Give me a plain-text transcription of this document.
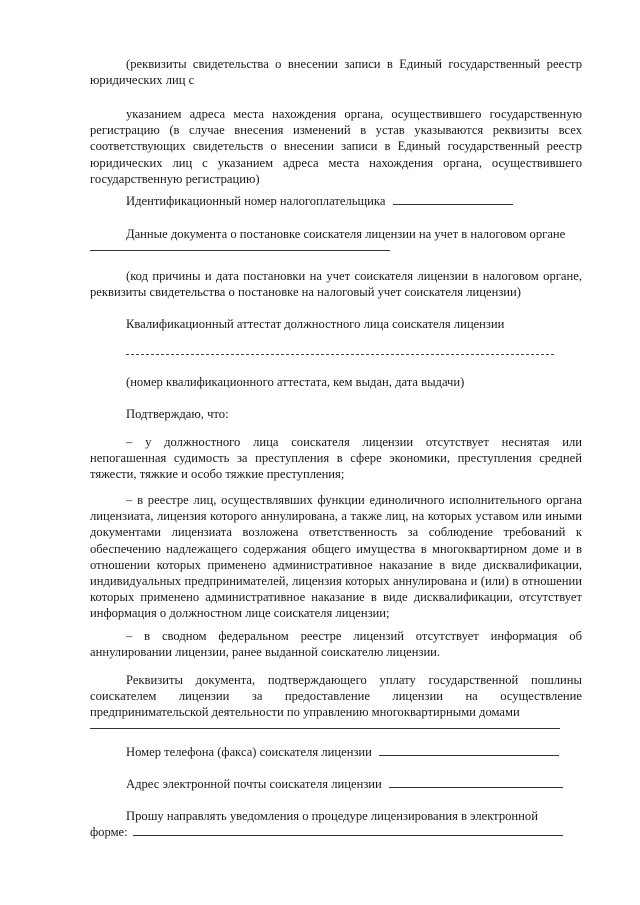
(реквизиты свидетельства о внесении записи в Единый государственный реестр юридических лиц с

указанием адреса места нахождения органа, осуществившего государственную регистрацию (в случае внесения изменений в устав указываются реквизиты всех соответствующих свидетельств о внесении записи в Единый государственный реестр юридических лиц с указанием адреса места нахождения органа, осуществившего государственную регистрацию)

Идентификационный номер налогоплательщика

Данные документа о постановке соискателя лицензии на учет в налоговом органе

(код причины и дата постановки на учет соискателя лицензии в налоговом органе, реквизиты свидетельства о постановке на налоговый учет соискателя лицензии)

Квалификационный аттестат должностного лица соискателя лицензии

(номер квалификационного аттестата, кем выдан, дата выдачи)

Подтверждаю, что:

– у должностного лица соискателя лицензии отсутствует неснятая или непогашенная судимость за преступления в сфере экономики, преступления средней тяжести, тяжкие и особо тяжкие преступления;

– в реестре лиц, осуществлявших функции единоличного исполнительного органа лицензиата, лицензия которого аннулирована, а также лиц, на которых уставом или иными документами лицензиата возложена ответственность за соблюдение требований к обеспечению надлежащего содержания общего имущества в многоквартирном доме и в отношении которых применено административное наказание в виде дисквалификации, индивидуальных предпринимателей, лицензия которых аннулирована и (или) в отношении которых применено административное наказание в виде дисквалификации, отсутствует информация о должностном лице соискателя лицензии;

– в сводном федеральном реестре лицензий отсутствует информация об аннулировании лицензии, ранее выданной соискателю лицензии.

Реквизиты документа, подтверждающего уплату государственной пошлины соискателем лицензии за предоставление лицензии на осуществление предпринимательской деятельности по управлению многоквартирными домами

Номер телефона (факса) соискателя лицензии
Адрес электронной почты соискателя лицензии

Прошу направлять уведомления о процедуре лицензирования в электронной

форме:
